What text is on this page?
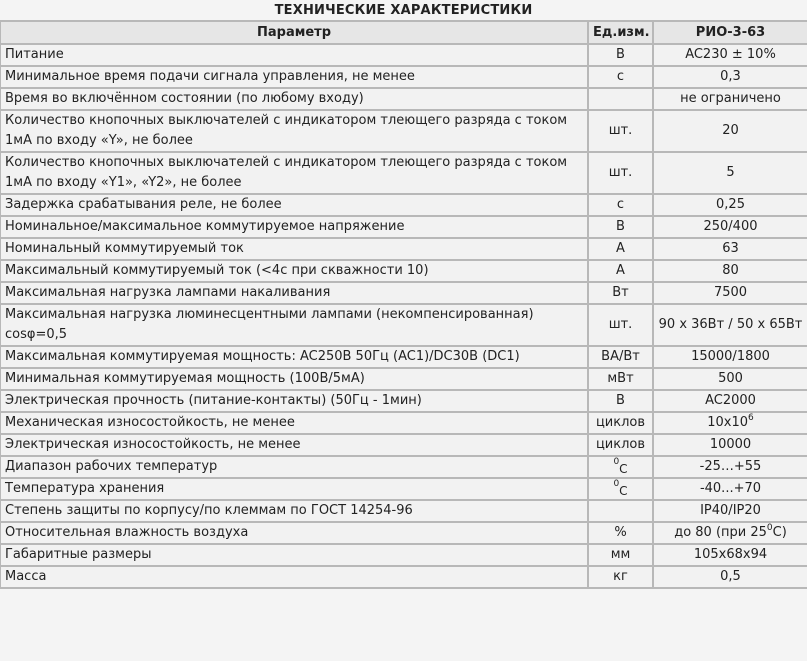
ТЕХНИЧЕСКИЕ ХАРАКТЕРИСТИКИ
Параметр	Ед.изм.	РИО-3-63
Питание	В	AC230 ± 10%
Минимальное время подачи сигнала управления, не менее	с	0,3
Время во включённом состоянии (по любому входу)		не ограничено
Количество кнопочных выключателей с индикатором тлеющего разряда с током 1мА по входу «Y», не более	шт.	20
Количество кнопочных выключателей с индикатором тлеющего разряда с током 1мА по входу «Y1», «Y2», не более	шт.	5
Задержка срабатывания реле, не более	с	0,25
Номинальное/максимальное коммутируемое напряжение	В	250/400
Номинальный коммутируемый ток	А	63
Максимальный коммутируемый ток (<4с при скважности 10)	А	80
Максимальная нагрузка лампами накаливания	Вт	7500
Максимальная нагрузка люминесцентными лампами (некомпенсированная) cosφ=0,5	шт.	90 x 36Вт / 50 x 65Вт
Максимальная коммутируемая мощность: AC250В 50Гц (AC1)/DC30В (DC1)	ВА/Вт	15000/1800
Минимальная коммутируемая мощность (100В/5мА)	мВт	500
Электрическая прочность (питание-контакты) (50Гц - 1мин)	В	AC2000
Механическая износостойкость, не менее	циклов	$10x10^6$
Электрическая износостойкость, не менее	циклов	10000
Диапазон рабочих температур	$^0_C$	-25…+55
Температура хранения	$^0_C$	-40...+70
Степень защиты по корпусу/по клеммам по ГОСТ 14254-96		IP40/IP20
Относительная влажность воздуха	%	до 80 (при $25^0C$)
Габаритные размеры	мм	105x68x94
Масса	кг	0,5
